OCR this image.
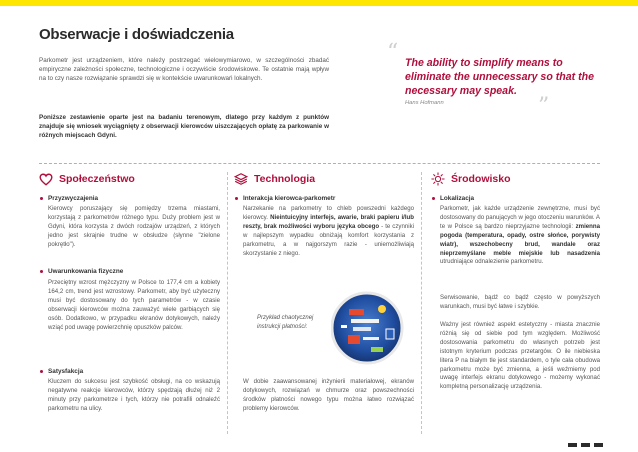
Obserwacje i doświadczenia

Parkometr jest urządzeniem, które należy postrzegać wielowymiarowo, w szczególności zbadać empiryczne zależności społeczne, technologiczne i oczywiście środowiskowe. Te ostatnie mają wpływ na to czy nasze rozwiązanie sprawdzi się w kontekście uwarunkowań lokalnych.

Poniższe zestawienie oparte jest na badaniu terenowym, dlatego przy każdym z punktów znajduje się wniosek wyciągnięty z obserwacji kierowców uiszczających opłatę za parkowanie w różnych miejscach Gdyni.

“ The ability to simplify means to eliminate the unnecessary so that the necessary may speak.

Hans Hofmann	”
Społeczeństwo
Przyzwyczajenia

Kierowcy poruszający się pomiędzy trzema miastami, korzystają z parkometrów różnego typu. Duży problem jest w Gdyni, która korzysta z dwóch rodzajów urządzeń, z których jedno jest skrajnie trudne w obsłudze (słynne "zielone pokrętło").

Uwarunkowania fizyczne

Przeciętny wzrost mężczyzny w Polsce to 177,4 cm a kobiety 164,2 cm, trend jest wzrostowy. Parkometr, aby być użyteczny musi być dostosowany do tych parametrów - w czasie obserwacji kierowców można zauważyć wiele garbiących się osób. Dodatkowo, w przypadku ekranów dotykowych, należy wziąć pod uwagę powierzchnię opuszków palców.

Satysfakcja

Kluczem do sukcesu jest szybkość obsługi, na co wskazują negatywne reakcje kierowców, którzy spędzają dłużej niż 2 minuty przy parkometrze i tych, którzy nie potrafili odnaleźć parkometru na ulicy.

Technologia
Interakcja kierowca-parkometr

Narzekanie na parkometry to chleb powszedni każdego kierowcy. Nieintuicyjny interfejs, awarie, braki papieru i/lub reszty, brak możliwości wyboru języka obcego - te czynniki w najlepszym wypadku obniżają komfort korzystania z parkometru, a w najgorszym razie - uniemożliwiają skorzystanie z niego.

Przykład chaotycznej instrukcji płatności:

W dobie zaawansowanej inżynierii materiałowej, ekranów dotykowych, rozwiązań w chmurze oraz powszechności środków płatności nowego typu można łatwo rozwiązać problemy kierowców.

Środowisko
Lokalizacja

Parkometr, jak każde urządzenie zewnętrzne, musi być dostosowany do panujących w jego otoczeniu warunków. A te w Polsce są bardzo nieprzyjazne technologii: zmienna pogoda (temperatura, opady, ostre słońce, porywisty wiatr), wszechobecny brud, wandale oraz nieprzemyślane meble miejskie lub nasadzenia utrudniające odnalezienie parkometru.

Serwisowanie, bądź co bądź często w powyższych warunkach, musi być łatwe i szybkie.

Ważny jest również aspekt estetyczny - miasta znacznie różnią się od siebie pod tym względem. Możliwość dostosowania parkometru do własnych potrzeb jest istotnym kryterium podczas przetargów. O ile niebieska litera P na białym tle jest standardem, o tyle cała obudowa parkometru może być zmienna, a jeśli weźmiemy pod uwagę interfejs ekranu dotykowego - możemy wykonać kompletną personalizację urządzenia.
